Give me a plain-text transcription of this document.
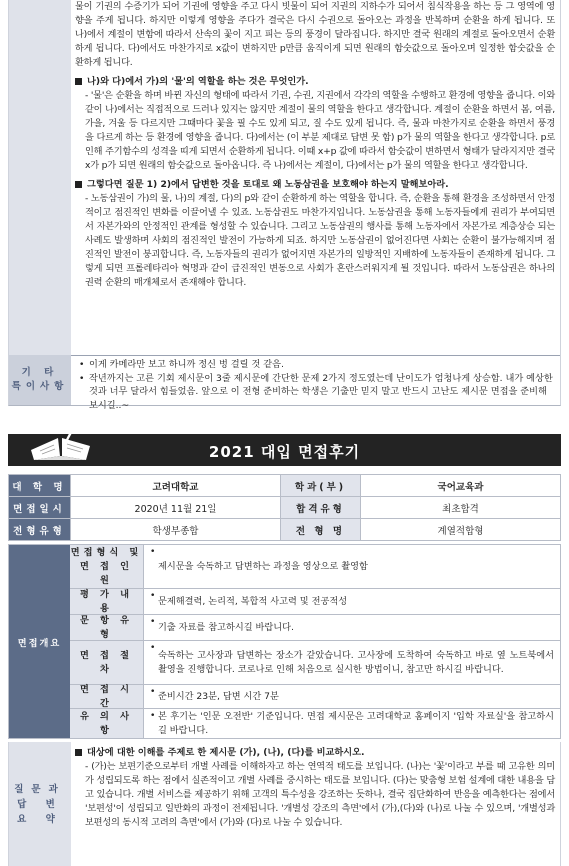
기 타
특이사항

물이 기권의 수증기가 되어 기권에 영향을 주고 다시 빗물이 되어 지권의 지하수가 되어서 침식작용을 하는 등 그 영역에 영향을 주게 됩니다. 하지만 이렇게 영향을 주다가 결국은 다시 수권으로 돌아오는 과정을 반복하며 순환을 하게 됩니다. 또 나)에서 계절이 변함에 따라서 산속의 꽃이 지고 피는 등의 풍경이 달라집니다. 하지만 결국 원래의 계절로 돌아오면서 순환하게 됩니다. 다)에서도 마찬가지로 x값이 변하지만 p만큼 움직이게 되면 원래의 함숫값으로 돌아오며 일정한 함숫값을 순환하게 됩니다.

나)와 다)에서 가)의 '물'의 역할을 하는 것은 무엇인가.

- '물'은 순환을 하며 바뀐 자신의 형태에 따라서 기권, 수권, 지권에서 각각의 역할을 수행하고 환경에 영향을 줍니다. 이와같이 나)에서는 직접적으로 드러나 있지는 않지만 계절이 물의 역할을 한다고 생각합니다. 계절이 순환을 하면서 봄, 여름, 가을, 겨울 등 다르지만 그때마다 꽃을 필 수도 있게 되고, 질 수도 있게 됩니다. 즉, 물과 마찬가지로 순환을 하면서 풍경을 다르게 하는 등 환경에 영향을 줍니다. 다)에서는 (이 부분 제대로 답변 못 함) p가 물의 역할을 한다고 생각합니다. p로 인해 주기함수의 성격을 띠게 되면서 순환하게 됩니다. 이때 x+p 값에 따라서 함숫값이 변하면서 형태가 달라지지만 결국 x가 p가 되면 원래의 함숫값으로 돌아옵니다. 즉 나)에서는 계절이, 다)에서는 p가 물의 역할을 한다고 생각합니다.

그렇다면 질문 1) 2)에서 답변한 것을 토대로 왜 노동삼권을 보호해야 하는지 말해보아라.

- 노동삼권이 가)의 물, 나)의 계절, 다)의 p와 같이 순환하게 하는 역할을 합니다. 즉, 순환을 통해 환경을 조성하면서 안정적이고 점진적인 변화를 이끌어낼 수 있죠. 노동삼권도 마찬가지입니다. 노동삼권을 통해 노동자들에게 권리가 부여되면서 자본가와의 안정적인 관계를 형성할 수 있습니다. 그리고 노동삼권의 행사를 통해 노동자에서 자본가로 계층상승 되는 사례도 발생하며 사회의 점진적인 발전이 가능하게 되죠. 하지만 노동삼권이 없어진다면 사회는 순환이 불가능해지며 점진적인 발전이 붕괴합니다. 즉, 노동자들의 권리가 없어지면 자본가의 일방적인 지배하에 노동자들이 존재하게 됩니다. 그렇게 되면 프롤레타리아 혁명과 같이 급진적인 변동으로 사회가 혼란스러워지게 될 것입니다. 따라서 노동삼권은 하나의 권력 순환의 매개체로서 존재해야 합니다.

• 이게 카메라만 보고 하니까 정신 벙 걸릴 것 같음.
• 작년까지는 고른 기회 제시문이 3줄 제시문에 간단한 문제 2가지 정도였는데 난이도가 엄청나게 상승함. 내가 예상한 것과 너무 달라서 힘들었음. 앞으로 이 전형 준비하는 학생은 기출만 믿지 말고 반드시 고난도 제시문 면접을 준비해보시길..~
2021 대입 면접후기
대 학 명	고려대학교	학과(부)	국어교육과
면접일시	2020년 11월 21일	합격유형	최초합격
전형유형	학생부종합	전 형 명	계열적합형
면접개요
면접형식 및
면 접 인 원
•
제시문을 숙독하고 답변하는 과정을 영상으로 촬영함
평 가 내 용
•
문제해결력, 논리적, 복합적 사고력 및 전공적성
문 항 유 형
•
기출 자료를 참고하시길 바랍니다.
면 접 절 차
•
숙독하는 고사장과 답변하는 장소가 같았습니다. 고사장에 도착하여 숙독하고 바로 옆 노트북에서 촬영을 진행합니다. 코로나로 인해 처음으로 실시한 방법이니, 참고만 하시길 바랍니다.
면 접 시 간
• 준비시간 23분, 답변 시간 7분
유 의 사 항
• 본 후기는 '인문 오전반' 기준입니다. 면접 제시문은 고려대학교 홈페이지 '입학 자료실'을 참고하시길 바랍니다.
질문과
답 변
요 약
대상에 대한 이해를 주제로 한 제시문 (가), (나), (다)를 비교하시오.

- (가)는 보편기준으로부터 개별 사례를 이해하자고 하는 연역적 태도를 보입니다. (나)는 '꽃'이라고 부를 때 고유한 의미가 성립되도록 하는 점에서 실존적이고 개별 사례를 중시하는 태도를 보입니다. (다)는 맞춤형 보험 설계에 대한 내용을 담고 있습니다. 개별 서비스를 제공하기 위해 고객의 특수성을 강조하는 듯하나, 결국 집단화하여 반응을 예측한다는 점에서 '보편성'이 성립되고 일반화의 과정이 전제됩니다. '개별성 강조의 측면'에서 (가),(다)와 (나)로 나눌 수 있으며, '개별성과 보편성의 동시적 고려의 측면'에서 (가)와 (다)로 나눌 수 있습니다.
